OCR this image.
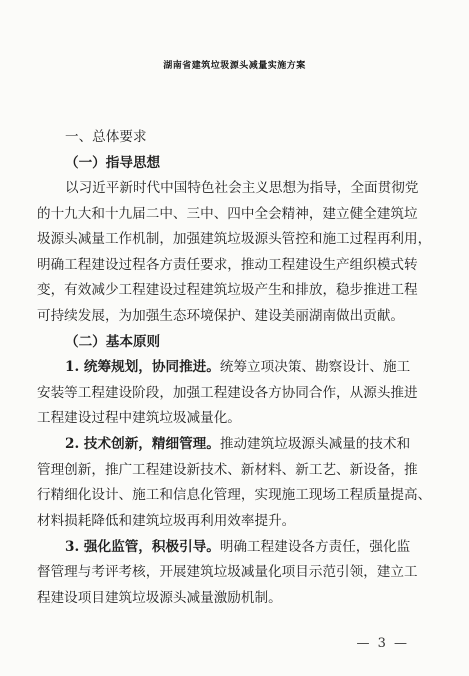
湖南省建筑垃圾源头减量实施方案
一、总体要求
（一）指导思想
以习近平新时代中国特色社会主义思想为指导，全面贯彻党
的十九大和十九届二中、三中、四中全会精神，建立健全建筑垃
圾源头减量工作机制，加强建筑垃圾源头管控和施工过程再利用，
明确工程建设过程各方责任要求，推动工程建设生产组织模式转
变，有效减少工程建设过程建筑垃圾产生和排放，稳步推进工程
可持续发展，为加强生态环境保护、建设美丽湖南做出贡献。
（二）基本原则
1. 统筹规划，协同推进。统筹立项决策、勘察设计、施工
安装等工程建设阶段，加强工程建设各方协同合作，从源头推进
工程建设过程中建筑垃圾减量化。
2. 技术创新，精细管理。推动建筑垃圾源头减量的技术和
管理创新，推广工程建设新技术、新材料、新工艺、新设备，推
行精细化设计、施工和信息化管理，实现施工现场工程质量提高、
材料损耗降低和建筑垃圾再利用效率提升。
3. 强化监管，积极引导。明确工程建设各方责任，强化监
督管理与考评考核，开展建筑垃圾减量化项目示范引领，建立工
程建设项目建筑垃圾源头减量激励机制。
— 3 —
